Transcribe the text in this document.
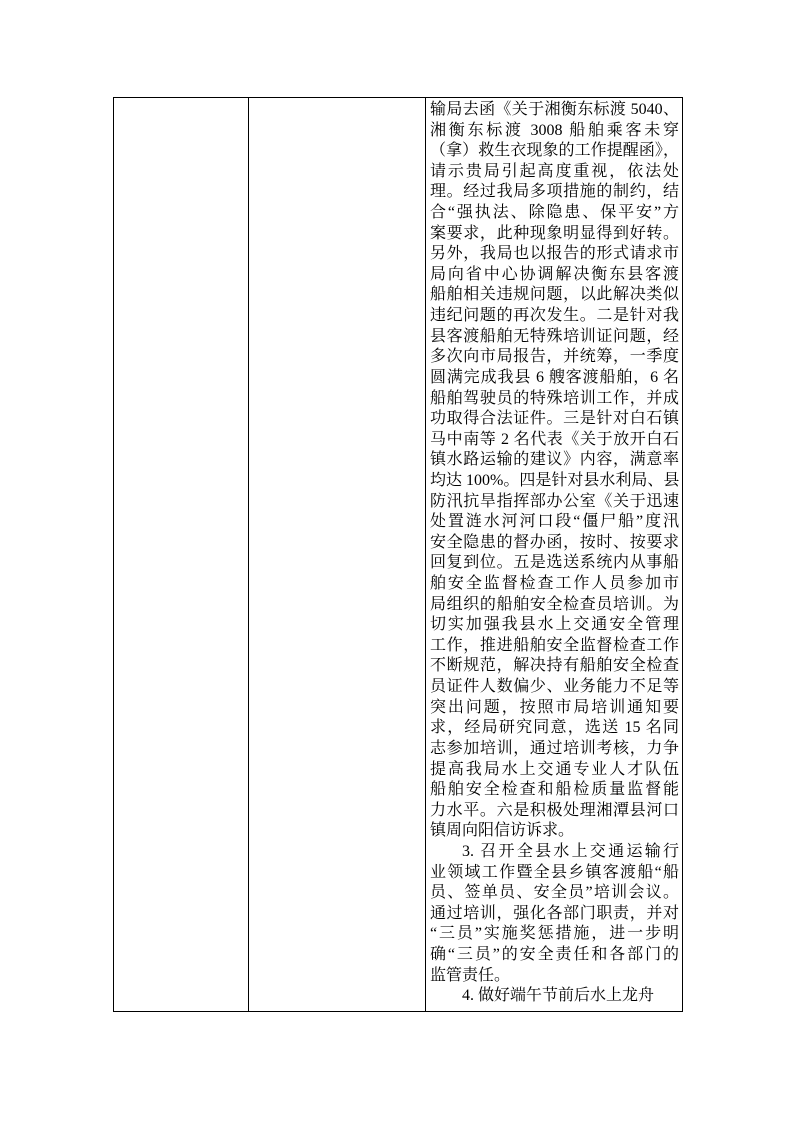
输局去函《关于湘衡东标渡 5040、
湘衡东标渡 3008 船舶乘客未穿
（拿）救生衣现象的工作提醒函》，
请示贵局引起高度重视，依法处
理。经过我局多项措施的制约，结
合“强执法、除隐患、保平安”方
案要求，此种现象明显得到好转。
另外，我局也以报告的形式请求市
局向省中心协调解决衡东县客渡
船舶相关违规问题，以此解决类似
违纪问题的再次发生。二是针对我
县客渡船舶无特殊培训证问题，经
多次向市局报告，并统筹，一季度
圆满完成我县 6 艘客渡船舶，6 名
船舶驾驶员的特殊培训工作，并成
功取得合法证件。三是针对白石镇
马中南等 2 名代表《关于放开白石
镇水路运输的建议》内容，满意率
均达 100%。四是针对县水利局、县
防汛抗旱指挥部办公室《关于迅速
处置涟水河河口段“僵尸船”度汛
安全隐患的督办函，按时、按要求
回复到位。五是选送系统内从事船
舶安全监督检查工作人员参加市
局组织的船舶安全检查员培训。为
切实加强我县水上交通安全管理
工作，推进船舶安全监督检查工作
不断规范，解决持有船舶安全检查
员证件人数偏少、业务能力不足等
突出问题，按照市局培训通知要
求，经局研究同意，选送 15 名同
志参加培训，通过培训考核，力争
提高我局水上交通专业人才队伍
船舶安全检查和船检质量监督能
力水平。六是积极处理湘潭县河口
镇周向阳信访诉求。
3. 召开全县水上交通运输行
业领域工作暨全县乡镇客渡船“船
员、签单员、安全员”培训会议。
通过培训，强化各部门职责，并对
“三员”实施奖惩措施，进一步明
确“三员”的安全责任和各部门的
监管责任。
4. 做好端午节前后水上龙舟
